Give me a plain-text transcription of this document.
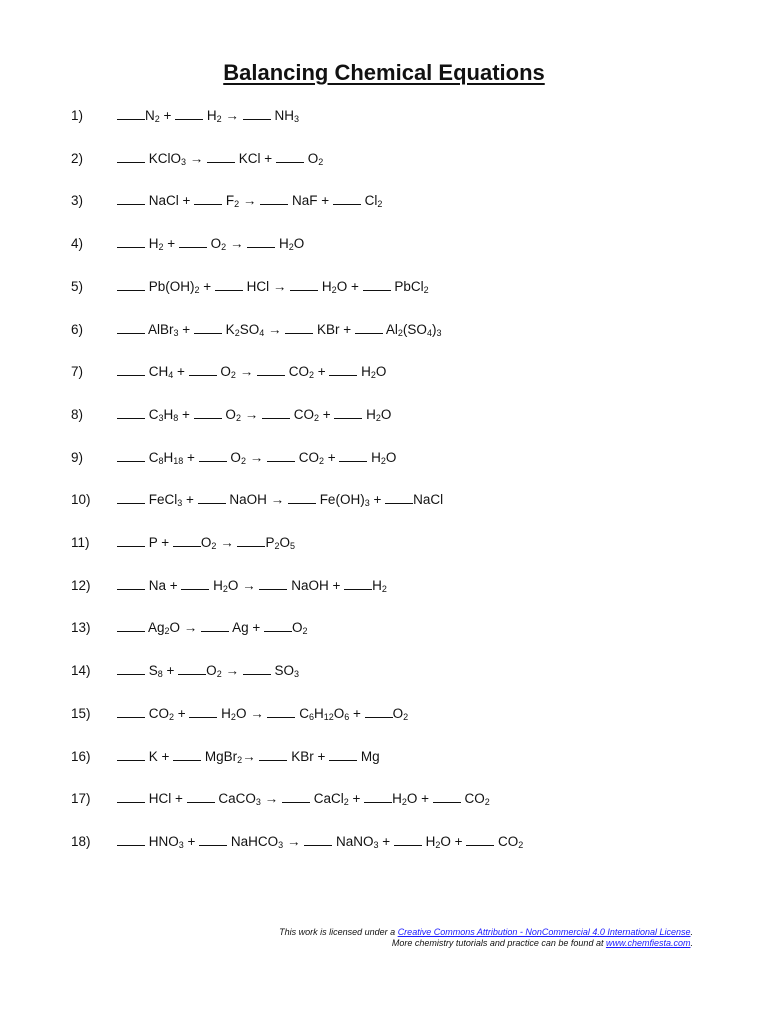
Balancing Chemical Equations
1)	$N_2 + H_2 \to NH_3$
2)	KClO$_3$ →  KCl +  $O_2$
3)	NaCl +  $F_2$ →  NaF +  $Cl_2$
4)	$H_2 + O_2 \to H_2O$
5)	$Pb(OH)_2$ +  HCl →  $H_2O$ +  PbCl$_2$
6)	AlBr$_3$ +  $K_2SO_4$ →  KBr +  $Al_2(SO_4)_3$
7)	$CH_4 + O_2 \to CO_2 + H_2O$
8)	$C_3H_8 + O_2 \to CO_2 + H_2O$
9)	$C_8H_{18} + O_2 \to CO_2 + H_2O$
10)	FeCl$_3$ +  NaOH →  $Fe(OH)_3$ + NaCl
11)	$P + O_2 \to P_2O_5$
12)	$Na + H_2O$ →  NaOH + $H_2$
13)	$Ag_2O \to Ag + O_2$
14)	$S_8 + O_2 \to SO_3$
15)	$CO_2 + H_2O \to C_6H_{12}O_6 + O_2$
16)	K +  MgBr$_2$→  KBr +  Mg
17)	HCl +  CaCO$_3$ →  CaCl$_2$ + $H_2O + CO_2$
18)	$HNO_3$ +  NaHCO$_3$ →  NaNO$_3$ +  $H_2O + CO_2$
This work is licensed under a Creative Commons Attribution - NonCommercial 4.0 International License.
More chemistry tutorials and practice can be found at www.chemfiesta.com.
